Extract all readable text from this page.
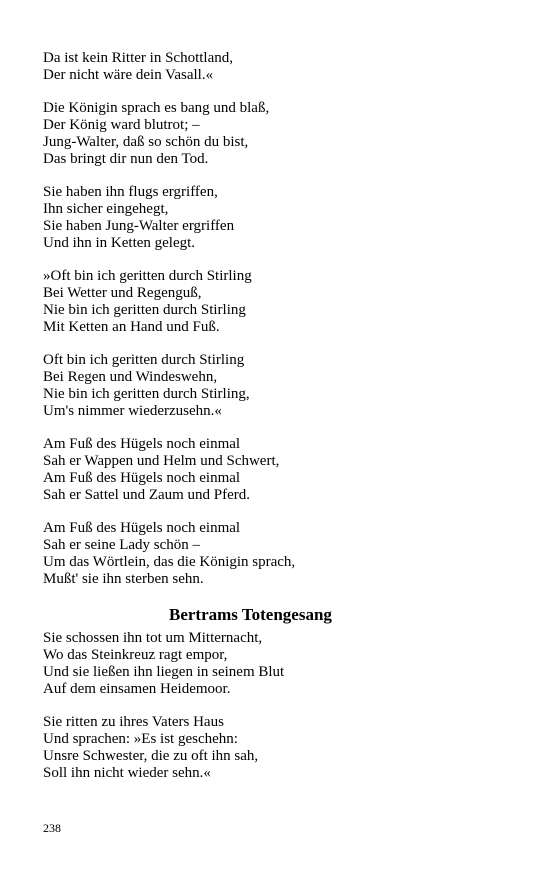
Da ist kein Ritter in Schottland,
Der nicht wäre dein Vasall.«
Die Königin sprach es bang und blaß,
Der König ward blutrot; –
Jung-Walter, daß so schön du bist,
Das bringt dir nun den Tod.
Sie haben ihn flugs ergriffen,
Ihn sicher eingehegt,
Sie haben Jung-Walter ergriffen
Und ihn in Ketten gelegt.
»Oft bin ich geritten durch Stirling
Bei Wetter und Regenguß,
Nie bin ich geritten durch Stirling
Mit Ketten an Hand und Fuß.
Oft bin ich geritten durch Stirling
Bei Regen und Windeswehn,
Nie bin ich geritten durch Stirling,
Um's nimmer wiederzusehn.«
Am Fuß des Hügels noch einmal
Sah er Wappen und Helm und Schwert,
Am Fuß des Hügels noch einmal
Sah er Sattel und Zaum und Pferd.
Am Fuß des Hügels noch einmal
Sah er seine Lady schön –
Um das Wörtlein, das die Königin sprach,
Mußt' sie ihn sterben sehn.
Bertrams Totengesang
Sie schossen ihn tot um Mitternacht,
Wo das Steinkreuz ragt empor,
Und sie ließen ihn liegen in seinem Blut
Auf dem einsamen Heidemoor.
Sie ritten zu ihres Vaters Haus
Und sprachen: »Es ist geschehn:
Unsre Schwester, die zu oft ihn sah,
Soll ihn nicht wieder sehn.«
238
